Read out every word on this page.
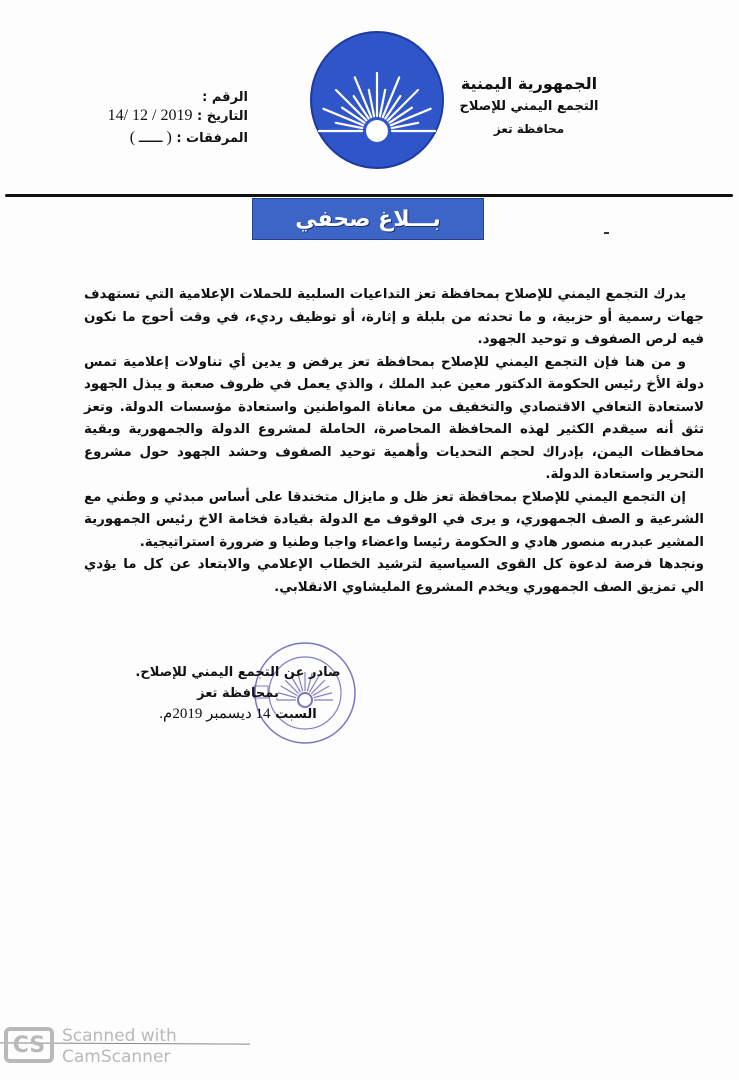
الجمهورية اليمنية
التجمع اليمني للإصلاح
محافظة تعز
الرقم :
التاريخ : 2019 / 12 /14
المرفقات : ( ـــــ )
بـــلاغ صحفي

يدرك التجمع اليمني للإصلاح بمحافظة تعز التداعيات السلبية للحملات الإعلامية التي تستهدف جهات رسمية أو حزبية، و ما تحدثه من بلبلة و إثارة، أو توظيف رديء، في وقت أحوج ما نكون فيه لرص الصفوف و توحيد الجهود.

و من هنا فإن التجمع اليمني للإصلاح بمحافظة تعز يرفض و يدين أي تناولات إعلامية تمس دولة الأخ رئيس الحكومة الدكتور معين عبد الملك ، والذي يعمل في ظروف صعبة و يبذل الجهود لاستعادة التعافي الاقتصادي والتخفيف من معاناة المواطنين واستعادة مؤسسات الدولة. وتعز تثق أنه سيقدم الكثير لهذه المحافظة المحاصرة، الحاملة لمشروع الدولة والجمهورية وبقية محافظات اليمن، بإدراك لحجم التحديات وأهمية توحيد الصفوف وحشد الجهود حول مشروع التحرير واستعادة الدولة.

إن التجمع اليمني للإصلاح بمحافظة تعز ظل و مايزال متخندقا على أساس مبدئي و وطني مع الشرعية و الصف الجمهوري، و يرى في الوقوف مع الدولة بقيادة فخامة الاخ رئيس الجمهورية المشير عبدربه منصور هادي و الحكومة رئيسا واعضاء واجبا وطنيا و ضرورة استراتيجية.

ونجدها فرصة لدعوة كل القوى السياسية لترشيد الخطاب الإعلامي والابتعاد عن كل ما يؤدي الي تمزيق الصف الجمهوري ويخدم المشروع المليشاوي الانقلابي.

صادر عن التجمع اليمني للإصلاح.
بمحافظة تعز
السبت 14 ديسمبر 2019م.
CS Scanned with
CamScanner
